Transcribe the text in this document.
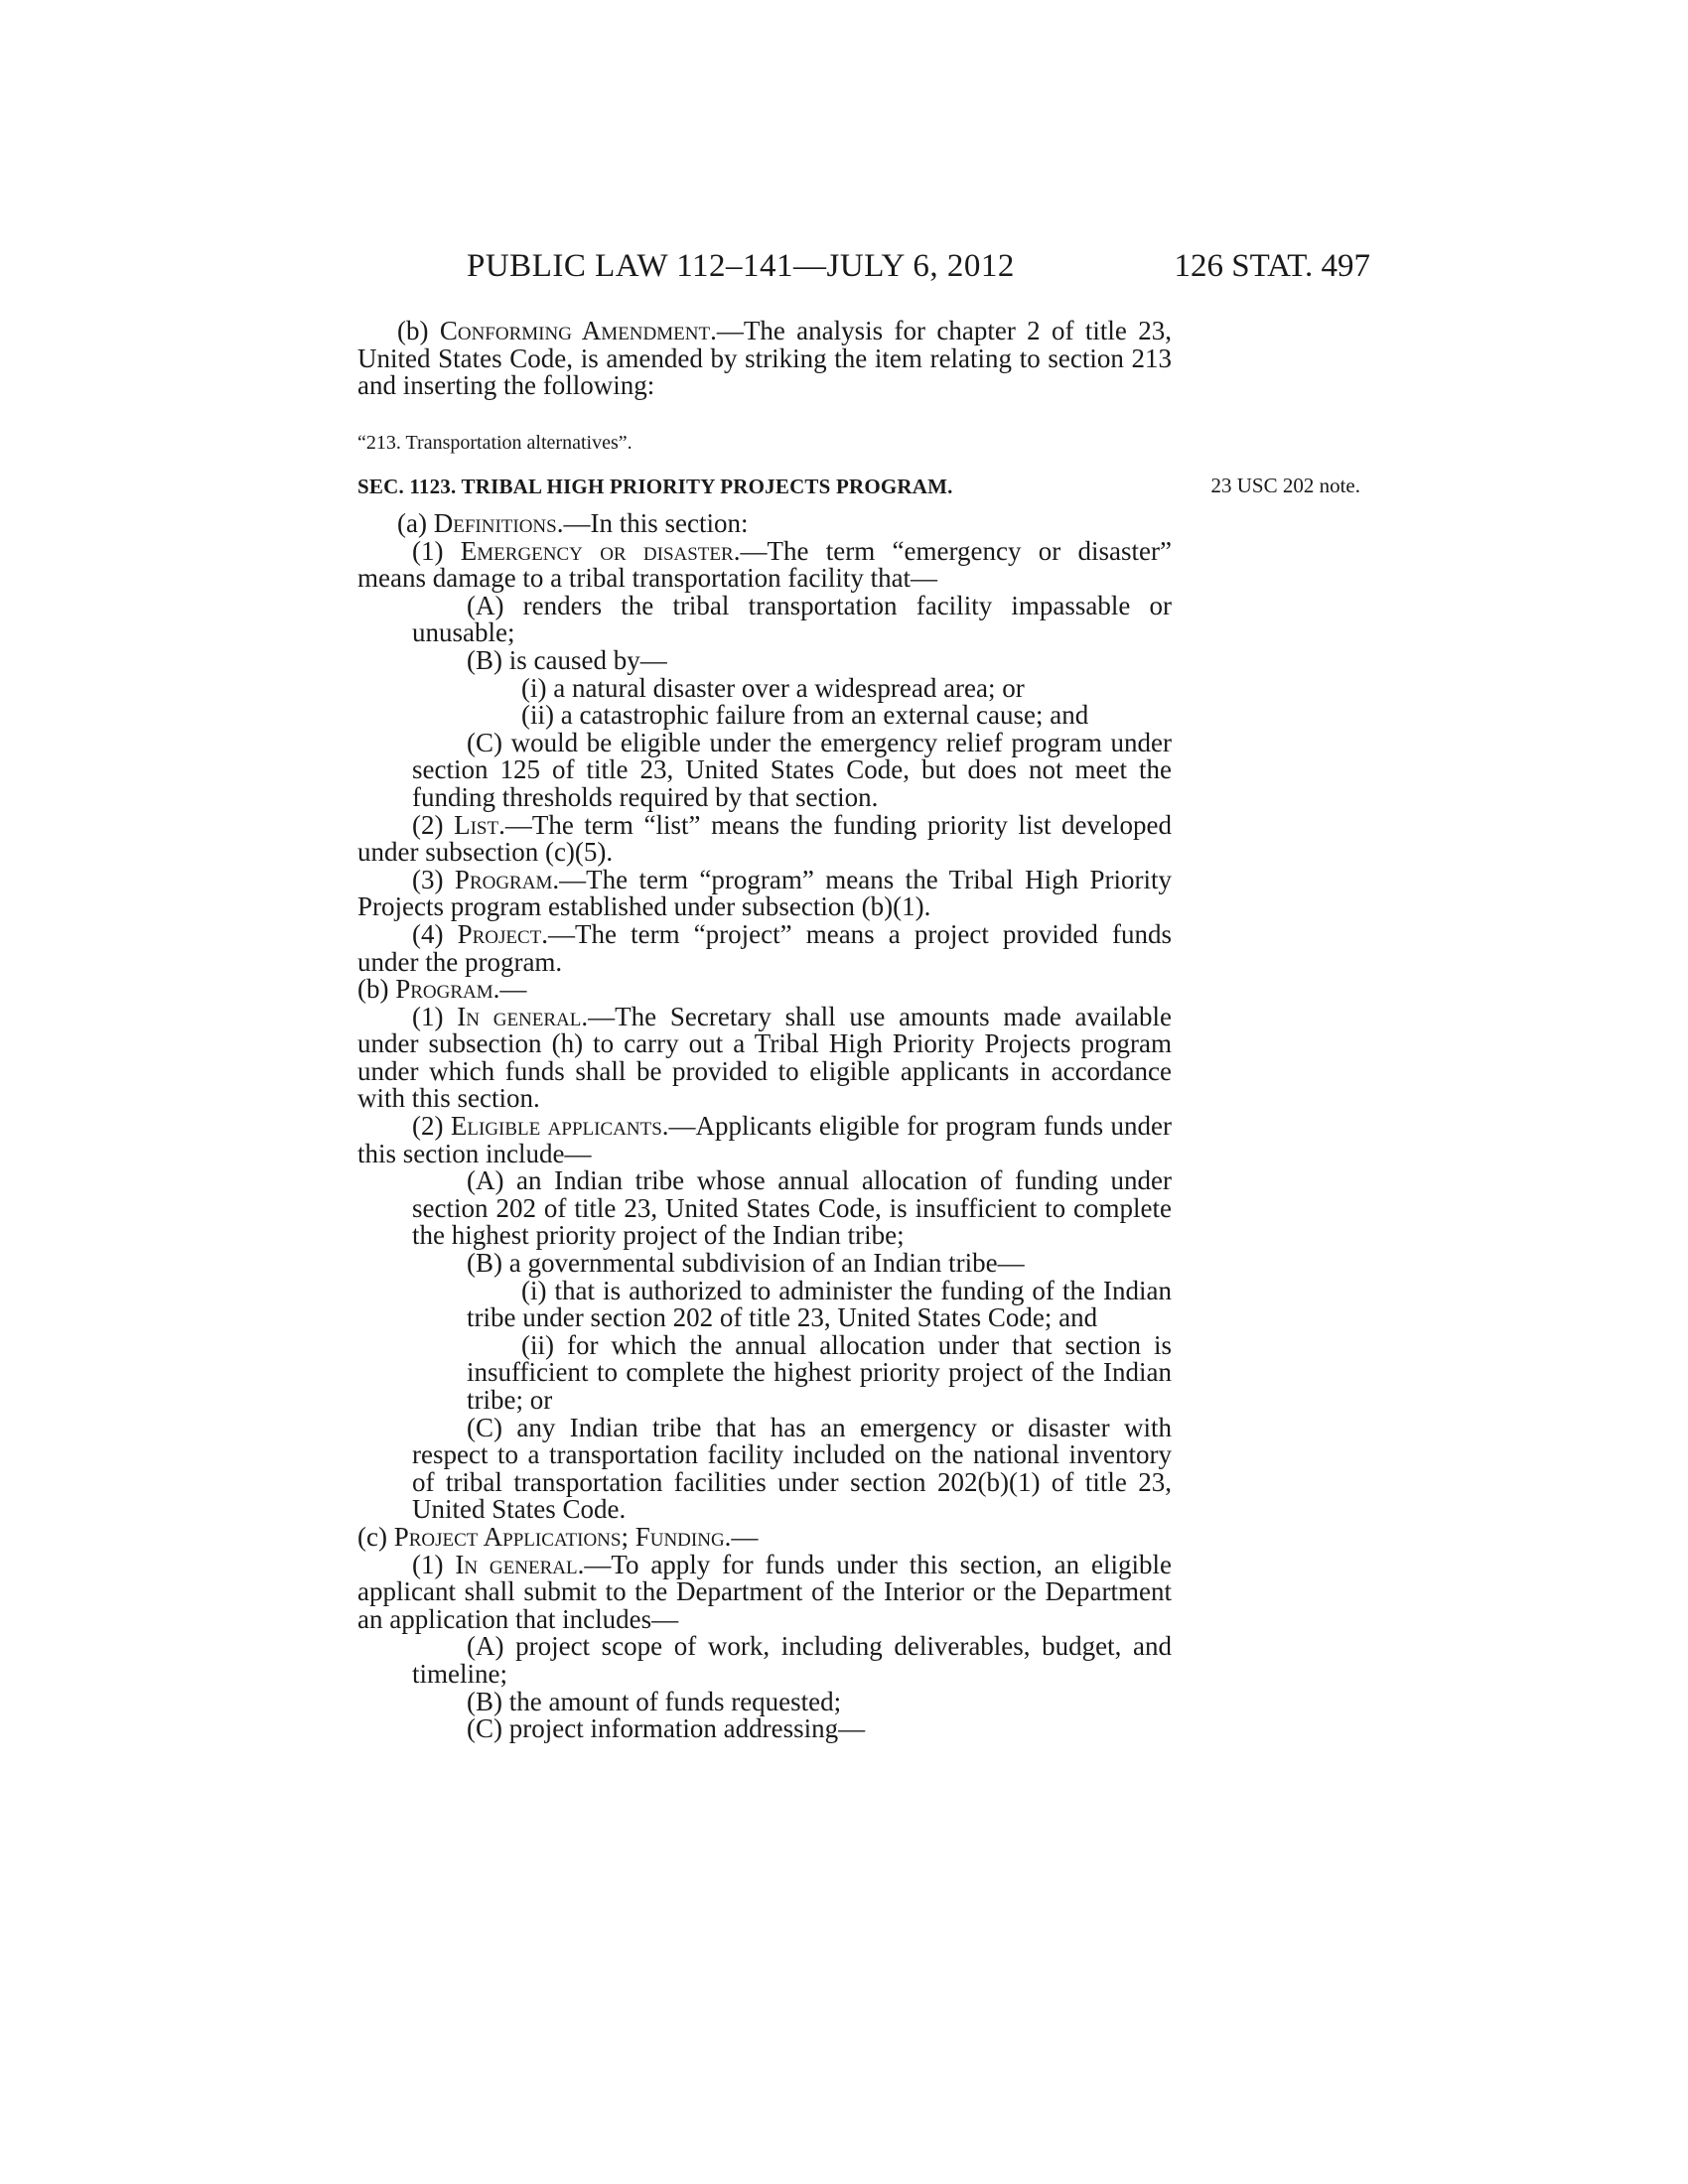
PUBLIC LAW 112–141—JULY 6, 2012	126 STAT. 497

(b) Conforming Amendment.—The analysis for chapter 2 of title 23, United States Code, is amended by striking the item relating to section 213 and inserting the following:

“213. Transportation alternatives”.
SEC. 1123. TRIBAL HIGH PRIORITY PROJECTS PROGRAM.	23 USC 202 note.

(a) Definitions.—In this section:

(1) Emergency or disaster.—The term “emergency or disaster” means damage to a tribal transportation facility that—

(A) renders the tribal transportation facility impassable or unusable;

(B) is caused by—

(i) a natural disaster over a widespread area; or

(ii) a catastrophic failure from an external cause; and

(C) would be eligible under the emergency relief program under section 125 of title 23, United States Code, but does not meet the funding thresholds required by that section.

(2) List.—The term “list” means the funding priority list developed under subsection (c)(5).

(3) Program.—The term “program” means the Tribal High Priority Projects program established under subsection (b)(1).

(4) Project.—The term “project” means a project provided funds under the program.

(b) Program.—

(1) In general.—The Secretary shall use amounts made available under subsection (h) to carry out a Tribal High Priority Projects program under which funds shall be provided to eligible applicants in accordance with this section.

(2) Eligible applicants.—Applicants eligible for program funds under this section include—

(A) an Indian tribe whose annual allocation of funding under section 202 of title 23, United States Code, is insufficient to complete the highest priority project of the Indian tribe;

(B) a governmental subdivision of an Indian tribe—

(i) that is authorized to administer the funding of the Indian tribe under section 202 of title 23, United States Code; and

(ii) for which the annual allocation under that section is insufficient to complete the highest priority project of the Indian tribe; or

(C) any Indian tribe that has an emergency or disaster with respect to a transportation facility included on the national inventory of tribal transportation facilities under section 202(b)(1) of title 23, United States Code.

(c) Project Applications; Funding.—

(1) In general.—To apply for funds under this section, an eligible applicant shall submit to the Department of the Interior or the Department an application that includes—

(A) project scope of work, including deliverables, budget, and timeline;

(B) the amount of funds requested;

(C) project information addressing—
